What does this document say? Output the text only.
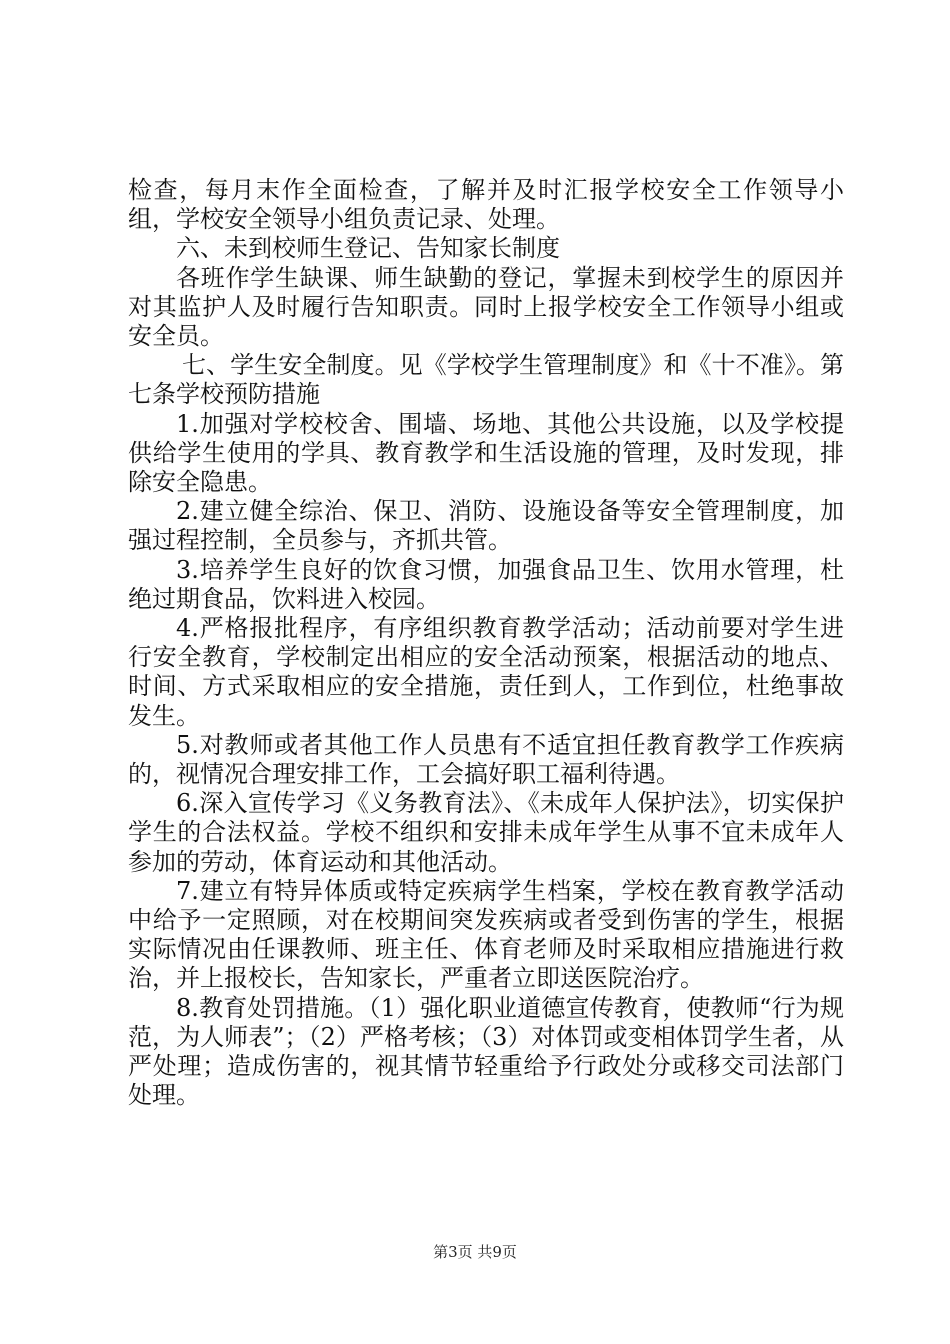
检查，每月末作全面检查，了解并及时汇报学校安全工作领导小组，学校安全领导小组负责记录、处理。

六、未到校师生登记、告知家长制度

各班作学生缺课、师生缺勤的登记，掌握未到校学生的原因并对其监护人及时履行告知职责。同时上报学校安全工作领导小组或安全员。

七、学生安全制度。见《学校学生管理制度》和《十不准》。第七条学校预防措施

1.加强对学校校舍、围墙、场地、其他公共设施，以及学校提供给学生使用的学具、教育教学和生活设施的管理，及时发现，排除安全隐患。

2.建立健全综治、保卫、消防、设施设备等安全管理制度，加强过程控制，全员参与，齐抓共管。

3.培养学生良好的饮食习惯，加强食品卫生、饮用水管理，杜绝过期食品，饮料进入校园。

4.严格报批程序，有序组织教育教学活动；活动前要对学生进行安全教育，学校制定出相应的安全活动预案，根据活动的地点、时间、方式采取相应的安全措施，责任到人，工作到位，杜绝事故发生。

5.对教师或者其他工作人员患有不适宜担任教育教学工作疾病的，视情况合理安排工作，工会搞好职工福利待遇。

6.深入宣传学习《义务教育法》、《未成年人保护法》，切实保护学生的合法权益。学校不组织和安排未成年学生从事不宜未成年人参加的劳动，体育运动和其他活动。

7.建立有特异体质或特定疾病学生档案，学校在教育教学活动中给予一定照顾，对在校期间突发疾病或者受到伤害的学生，根据实际情况由任课教师、班主任、体育老师及时采取相应措施进行救治，并上报校长，告知家长，严重者立即送医院治疗。

8.教育处罚措施。（1）强化职业道德宣传教育，使教师“行为规范，为人师表”；（2）严格考核；（3）对体罚或变相体罚学生者，从严处理；造成伤害的，视其情节轻重给予行政处分或移交司法部门处理。

第3页 共9页
